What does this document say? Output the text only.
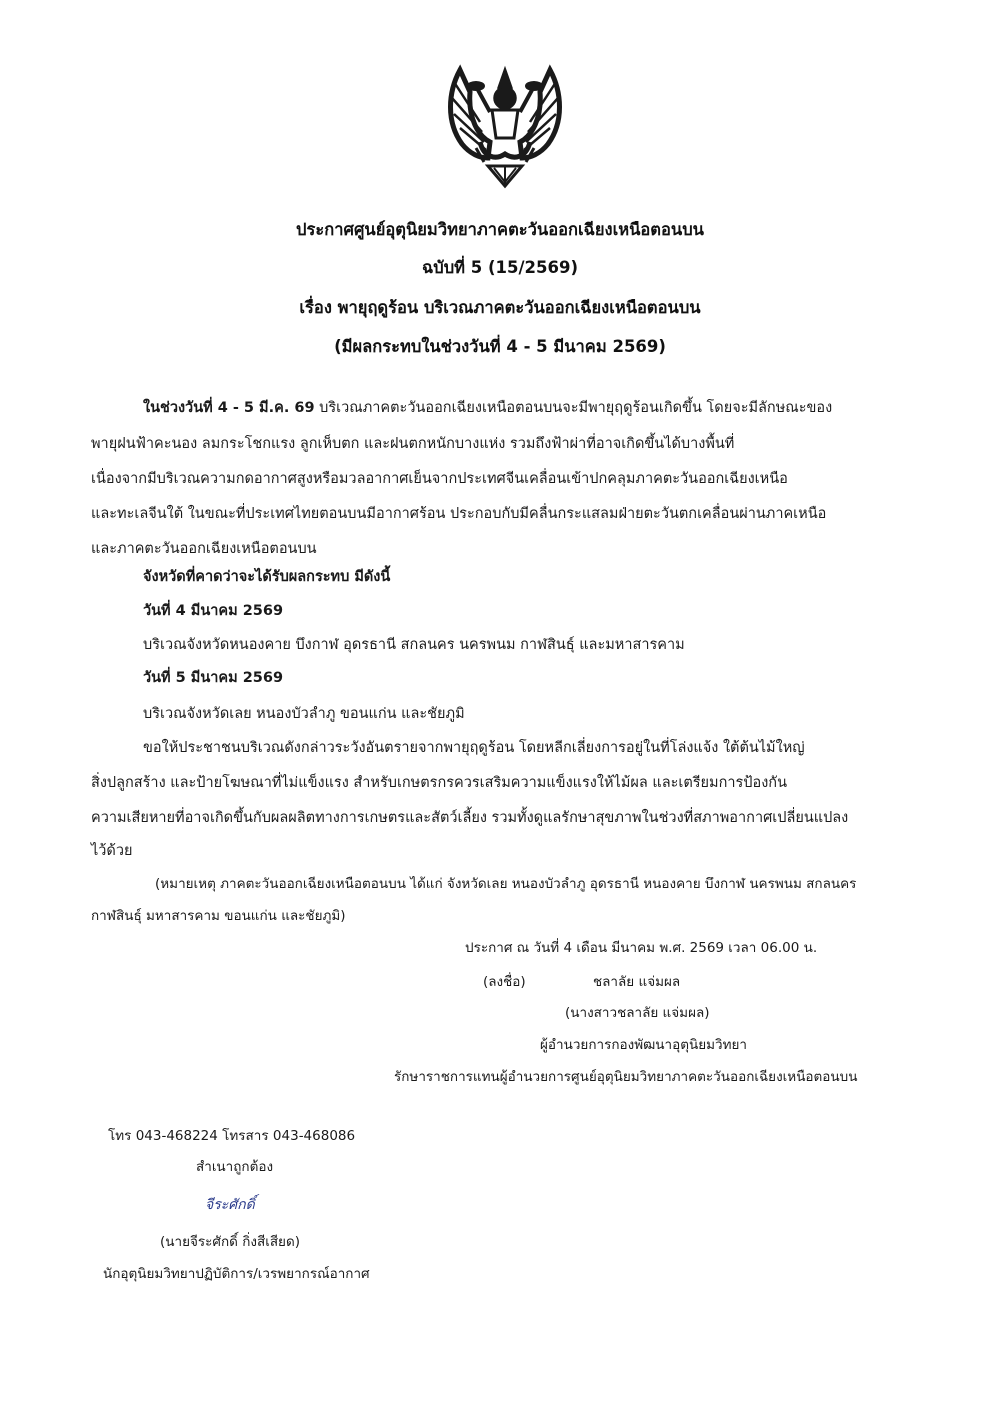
ประกาศศูนย์อุตุนิยมวิทยาภาคตะวันออกเฉียงเหนือตอนบน
ฉบับที่ 5 (15/2569)
เรื่อง พายุฤดูร้อน บริเวณภาคตะวันออกเฉียงเหนือตอนบน
(มีผลกระทบในช่วงวันที่ 4 - 5 มีนาคม 2569)
ในช่วงวันที่ 4 - 5 มี.ค. 69 บริเวณภาคตะวันออกเฉียงเหนือตอนบนจะมีพายุฤดูร้อนเกิดขึ้น โดยจะมีลักษณะของ
พายุฝนฟ้าคะนอง ลมกระโชกแรง ลูกเห็บตก และฝนตกหนักบางแห่ง รวมถึงฟ้าผ่าที่อาจเกิดขึ้นได้บางพื้นที่
เนื่องจากมีบริเวณความกดอากาศสูงหรือมวลอากาศเย็นจากประเทศจีนเคลื่อนเข้าปกคลุมภาคตะวันออกเฉียงเหนือ
และทะเลจีนใต้ ในขณะที่ประเทศไทยตอนบนมีอากาศร้อน ประกอบกับมีคลื่นกระแสลมฝ่ายตะวันตกเคลื่อนผ่านภาคเหนือ
และภาคตะวันออกเฉียงเหนือตอนบน
จังหวัดที่คาดว่าจะได้รับผลกระทบ มีดังนี้
วันที่ 4 มีนาคม 2569
บริเวณจังหวัดหนองคาย บึงกาฬ อุดรธานี สกลนคร นครพนม กาฬสินธุ์ และมหาสารคาม
วันที่ 5 มีนาคม 2569
บริเวณจังหวัดเลย หนองบัวลำภู ขอนแก่น และชัยภูมิ
ขอให้ประชาชนบริเวณดังกล่าวระวังอันตรายจากพายุฤดูร้อน โดยหลีกเลี่ยงการอยู่ในที่โล่งแจ้ง ใต้ต้นไม้ใหญ่
สิ่งปลูกสร้าง และป้ายโฆษณาที่ไม่แข็งแรง สำหรับเกษตรกรควรเสริมความแข็งแรงให้ไม้ผล และเตรียมการป้องกัน
ความเสียหายที่อาจเกิดขึ้นกับผลผลิตทางการเกษตรและสัตว์เลี้ยง รวมทั้งดูแลรักษาสุขภาพในช่วงที่สภาพอากาศเปลี่ยนแปลง
ไว้ด้วย
(หมายเหตุ ภาคตะวันออกเฉียงเหนือตอนบน ได้แก่ จังหวัดเลย หนองบัวลำภู อุดรธานี หนองคาย บึงกาฬ นครพนม สกลนคร
กาฬสินธุ์ มหาสารคาม ขอนแก่น และชัยภูมิ)
ประกาศ ณ วันที่ 4 เดือน มีนาคม พ.ศ. 2569 เวลา 06.00 น.
(ลงชื่อ)	ชลาลัย แจ่มผล
(นางสาวชลาลัย แจ่มผล)
ผู้อำนวยการกองพัฒนาอุตุนิยมวิทยา
รักษาราชการแทนผู้อำนวยการศูนย์อุตุนิยมวิทยาภาคตะวันออกเฉียงเหนือตอนบน
โทร 043-468224 โทรสาร 043-468086
สำเนาถูกต้อง
จีระศักดิ์
(นายจีระศักดิ์ กิ่งสีเสียด)
นักอุตุนิยมวิทยาปฏิบัติการ/เวรพยากรณ์อากาศ
